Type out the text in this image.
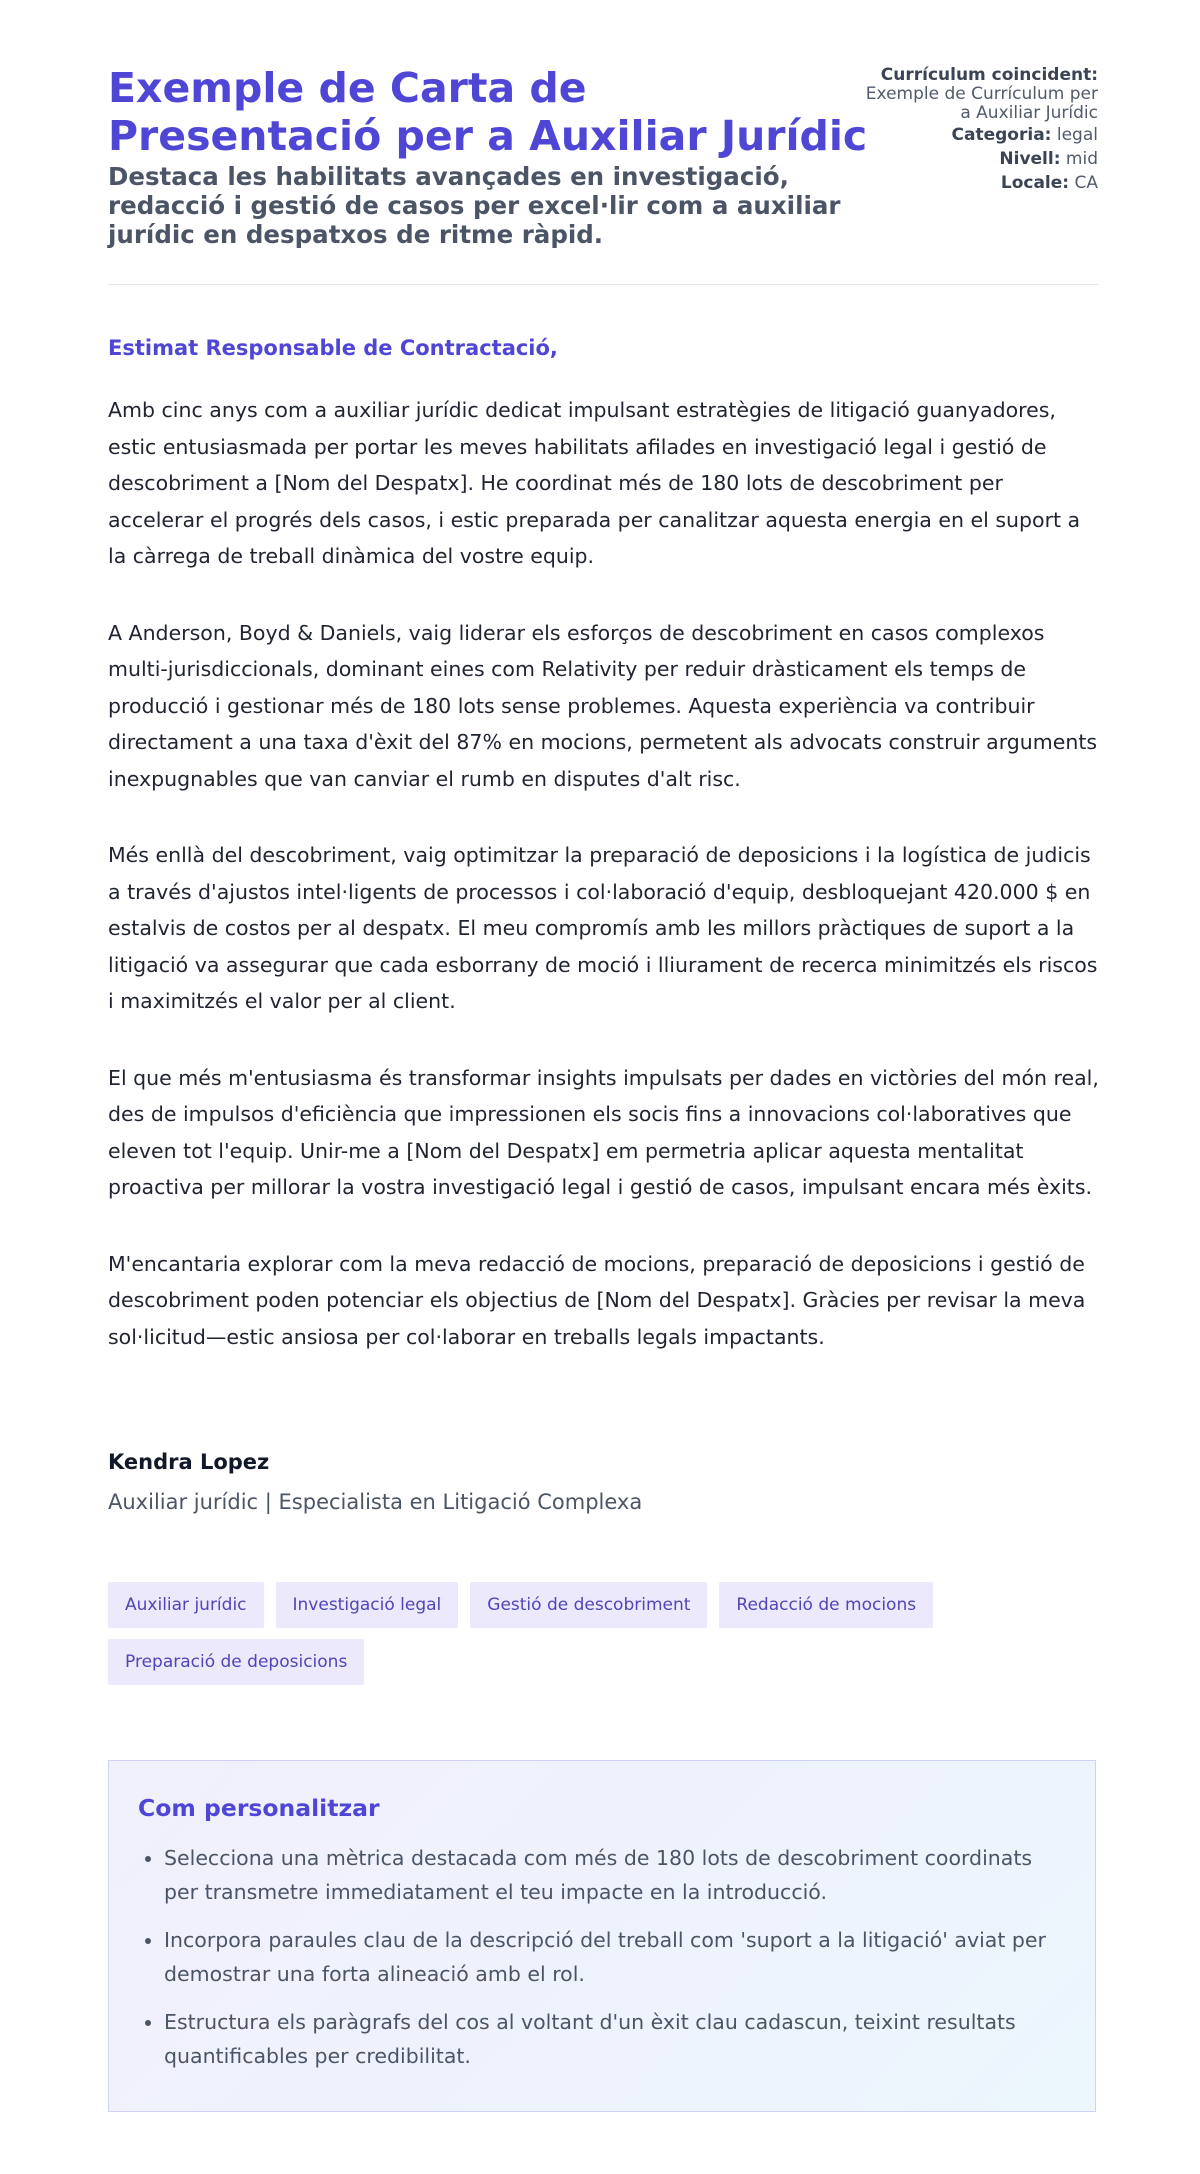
Exemple de Carta de Presentació per a Auxiliar Jurídic
Destaca les habilitats avançades en investigació, redacció i gestió de casos per excel·lir com a auxiliar jurídic en despatxos de ritme ràpid.
Currículum coincident:
Exemple de Currículum per a Auxiliar Jurídic
Categoria: legal
Nivell: mid
Locale: CA

Estimat Responsable de Contractació,

Amb cinc anys com a auxiliar jurídic dedicat impulsant estratègies de litigació guanyadores, estic entusiasmada per portar les meves habilitats afilades en investigació legal i gestió de descobriment a [Nom del Despatx]. He coordinat més de 180 lots de descobriment per accelerar el progrés dels casos, i estic preparada per canalitzar aquesta energia en el suport a la càrrega de treball dinàmica del vostre equip.

A Anderson, Boyd & Daniels, vaig liderar els esforços de descobriment en casos complexos multi-jurisdiccionals, dominant eines com Relativity per reduir dràsticament els temps de producció i gestionar més de 180 lots sense problemes. Aquesta experiència va contribuir directament a una taxa d'èxit del 87% en mocions, permetent als advocats construir arguments inexpugnables que van canviar el rumb en disputes d'alt risc.

Més enllà del descobriment, vaig optimitzar la preparació de deposicions i la logística de judicis a través d'ajustos intel·ligents de processos i col·laboració d'equip, desbloquejant 420.000 $ en estalvis de costos per al despatx. El meu compromís amb les millors pràctiques de suport a la litigació va assegurar que cada esborrany de moció i lliurament de recerca minimitzés els riscos i maximitzés el valor per al client.

El que més m'entusiasma és transformar insights impulsats per dades en victòries del món real, des de impulsos d'eficiència que impressionen els socis fins a innovacions col·laboratives que eleven tot l'equip. Unir-me a [Nom del Despatx] em permetria aplicar aquesta mentalitat proactiva per millorar la vostra investigació legal i gestió de casos, impulsant encara més èxits.

M'encantaria explorar com la meva redacció de mocions, preparació de deposicions i gestió de descobriment poden potenciar els objectius de [Nom del Despatx]. Gràcies per revisar la meva sol·licitud—estic ansiosa per col·laborar en treballs legals impactants.

Kendra Lopez

Auxiliar jurídic | Especialista en Litigació Complexa

Auxiliar jurídic	Investigació legal	Gestió de descobriment	Redacció de mocions
Preparació de deposicions
Com personalitzar
• Selecciona una mètrica destacada com més de 180 lots de descobriment coordinats per transmetre immediatament el teu impacte en la introducció.
• Incorpora paraules clau de la descripció del treball com 'suport a la litigació' aviat per demostrar una forta alineació amb el rol.
• Estructura els paràgrafs del cos al voltant d'un èxit clau cadascun, teixint resultats quantificables per credibilitat.
